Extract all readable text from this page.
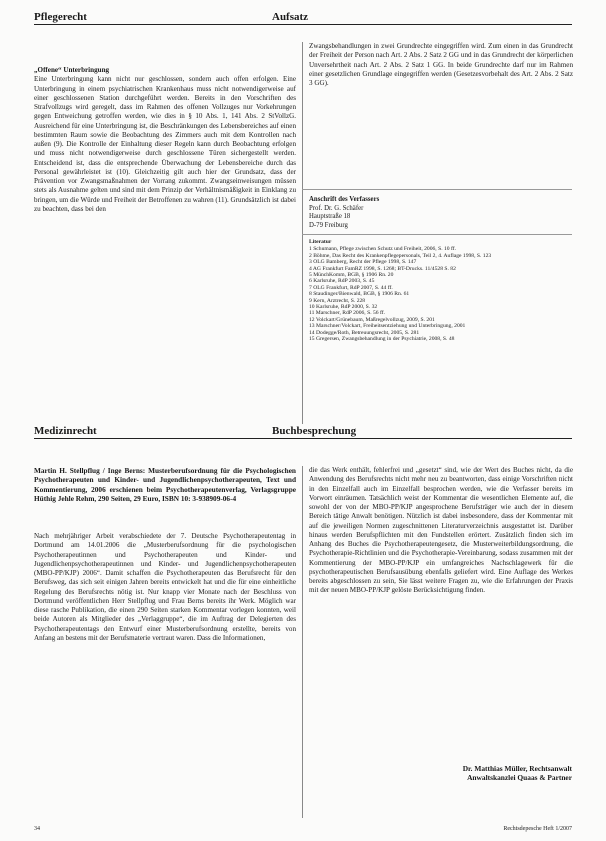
Pflegerecht	Aufsatz

„Offene“ Unterbringung

Eine Unterbringung kann nicht nur geschlossen, sondern auch offen erfolgen. Eine Unterbringung in einem psychiatrischen Krankenhaus muss nicht notwendigerweise auf einer geschlossenen Station durchgeführt werden. Bereits in den Vorschriften des Strafvollzugs wird geregelt, dass im Rahmen des offenen Vollzuges nur Vorkehrungen gegen Entweichung getroffen werden, wie dies in § 10 Abs. 1, 141 Abs. 2 StVollzG. Ausreichend für eine Unterbringung ist, die Beschränkungen des Lebensbereiches auf einen bestimmten Raum sowie die Beobachtung des Zimmers auch mit dem Kontrollen nach außen (9). Die Kontrolle der Einhaltung dieser Regeln kann durch Beobachtung erfolgen und muss nicht notwendigerweise durch geschlossene Türen sichergestellt werden. Entscheidend ist, dass die entsprechende Überwachung der Lebensbereiche durch das Personal gewährleistet ist (10). Gleichzeitig gilt auch hier der Grundsatz, dass der Prävention vor Zwangsmaßnahmen der Vorrang zukommt. Zwangseinweisungen müssen stets als Ausnahme gelten und sind mit dem Prinzip der Verhältnismäßigkeit in Einklang zu bringen, um die Würde und Freiheit der Betroffenen zu wahren (11). Grundsätzlich ist dabei zu beachten, dass bei den

Zwangsbehandlungen in zwei Grundrechte eingegriffen wird. Zum einen in das Grundrecht der Freiheit der Person nach Art. 2 Abs. 2 Satz 2 GG und in das Grundrecht der körperlichen Unversehrtheit nach Art. 2 Abs. 2 Satz 1 GG. In beide Grundrechte darf nur im Rahmen einer gesetzlichen Grundlage eingegriffen werden (Gesetzesvorbehalt des Art. 2 Abs. 2 Satz 3 GG).

Anschrift des Verfassers
Prof. Dr. G. Schäfer
Hauptstraße 18
D-79 Freiburg
Literatur
1 Schumann, Pflege zwischen Schutz und Freiheit, 2006, S. 10 ff.
2 Böhme, Das Recht des Krankenpflegepersonals, Teil 2, 4. Auflage 1998, S. 123
3 OLG Bamberg, Recht der Pflege 1998, S. 147
4 AG Frankfurt FamRZ 1998, S. 1268; BT-Drucks. 11/4528 S. 82
5 MünchKomm, BGB, § 1906 Rn. 20
6 Karlsruhe, RdP 2003, S. 45
7 OLG Frankfurt, RdP 2007, S. 44 ff.
8 Staudinger/Bienwald, BGB, § 1906 Rn. 61
9 Kern, Arztrecht, S. 228
10 Karlsruhe, RdP 2000, S. 32
11 Marschner, RdP 2006, S. 56 ff.
12 Volckart/Grünebaum, Maßregelvollzug, 2009, S. 201
13 Marschner/Volckart, Freiheitsentziehung und Unterbringung, 2001
14 Dodegge/Roth, Betreuungsrecht, 2005, S. 281
15 Gregersen, Zwangsbehandlung in der Psychiatrie, 2008, S. 48
Medizinrecht	Buchbesprechung
Martin H. Stellpflug / Inge Berns: Musterberufsordnung für die Psychologischen Psychotherapeuten und Kinder- und Jugendlichenpsychotherapeuten, Text und Kommentierung, 2006 erschienen beim Psychotherapeutenverlag, Verlagsgruppe Hüthig Jehle Rehm, 290 Seiten, 29 Euro, ISBN 10: 3-938909-06-4

Nach mehrjähriger Arbeit verabschiedete der 7. Deutsche Psychotherapeutentag in Dortmund am 14.01.2006 die „Musterberufsordnung für die psychologischen Psychotherapeutinnen und Psychotherapeuten und Kinder- und Jugendlichenpsychotherapeutinnen und Kinder- und Jugendlichenpsychotherapeuten (MBO-PP/KJP) 2006“. Damit schaffen die Psychotherapeuten das Berufsrecht für den Berufsweg, das sich seit einigen Jahren bereits entwickelt hat und die für eine einheitliche Regelung des Berufsrechts nötig ist. Nur knapp vier Monate nach der Beschluss von Dortmund veröffentlichen Herr Stellpflug und Frau Berns bereits ihr Werk. Möglich war diese rasche Publikation, die einen 290 Seiten starken Kommentar vorlegen konnten, weil beide Autoren als Mitglieder des „Verlaggruppe“, die im Auftrag der Delegierten des Psychotherapeutentags den Entwurf einer Musterberufsordnung erstellte, bereits von Anfang an bestens mit der Berufsmaterie vertraut waren. Dass die Informationen,

die das Werk enthält, fehlerfrei und „gesetzt“ sind, wie der Wert des Buches nicht, da die Anwendung des Berufsrechts nicht mehr neu zu beantworten, dass einige Vorschriften nicht in den Einzelfall auch im Einzelfall besprochen werden, wie die Verfasser bereits im Vorwort einräumen. Tatsächlich weist der Kommentar die wesentlichen Elemente auf, die sowohl der von der MBO-PP/KJP angesprochene Berufsträger wie auch der in diesem Bereich tätige Anwalt benötigen. Nützlich ist dabei insbesondere, dass der Kommentar mit auf die jeweiligen Normen zugeschnittenen Literaturverzeichnis ausgestattet ist. Darüber hinaus werden Berufspflichten mit den Fundstellen erörtert. Zusätzlich finden sich im Anhang des Buches die Psychotherapeutengesetz, die Musterweiterbildungsordnung, die Psychotherapie-Richtlinien und die Psychotherapie-Vereinbarung, sodass zusammen mit der Kommentierung der MBO-PP/KJP ein umfangreiches Nachschlagewerk für die psychotherapeutischen Berufsausübung ebenfalls geliefert wird. Eine Auflage des Werkes bereits abgeschlossen zu sein, Sie lässt weitere Fragen zu, wie die Erfahrungen der Praxis mit der neuen MBO-PP/KJP gelöste Berücksichtigung finden.

Dr. Matthias Müller, Rechtsanwalt
Anwaltskanzlei Quaas & Partner
34	Rechtsdepesche Heft 1/2007
